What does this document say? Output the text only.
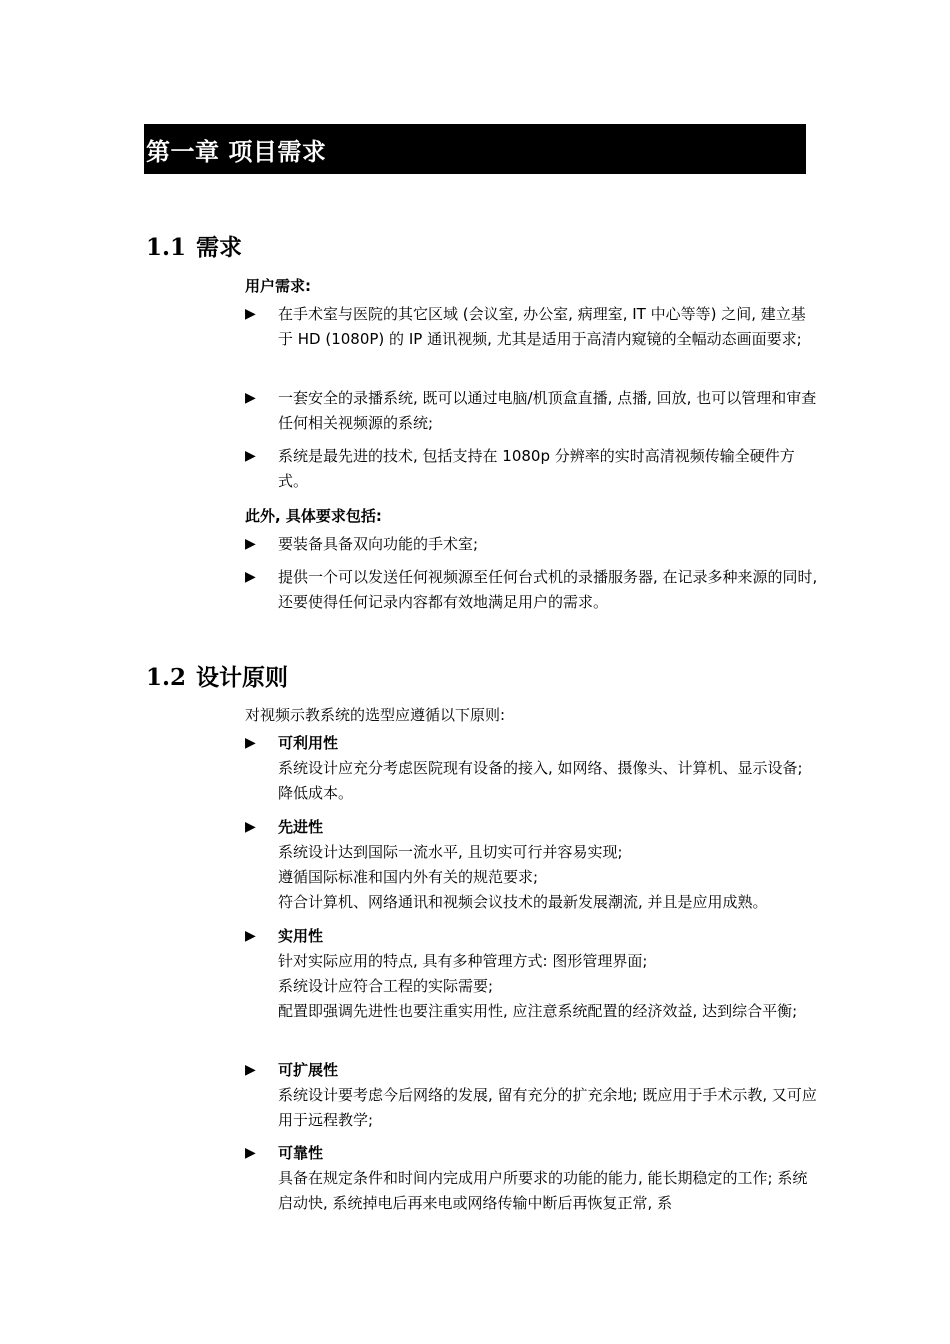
第一章 项目需求
1.1 需求
用户需求:
▶	在手术室与医院的其它区域 (会议室, 办公室, 病理室, IT 中心等等) 之间, 建立基于 HD (1080P) 的 IP 通讯视频, 尤其是适用于高清内窥镜的全幅动态画面要求;
▶	一套安全的录播系统, 既可以通过电脑/机顶盒直播, 点播, 回放, 也可以管理和审查任何相关视频源的系统;
▶	系统是最先进的技术, 包括支持在 1080p 分辨率的实时高清视频传输全硬件方式。
此外, 具体要求包括:
▶	要装备具备双向功能的手术室;
▶	提供一个可以发送任何视频源至任何台式机的录播服务器, 在记录多种来源的同时, 还要使得任何记录内容都有效地满足用户的需求。
1.2 设计原则
对视频示教系统的选型应遵循以下原则:
▶	可利用性
系统设计应充分考虑医院现有设备的接入, 如网络、摄像头、计算机、显示设备; 降低成本。
▶	先进性
系统设计达到国际一流水平, 且切实可行并容易实现;
遵循国际标准和国内外有关的规范要求;
符合计算机、网络通讯和视频会议技术的最新发展潮流, 并且是应用成熟。
▶	实用性
针对实际应用的特点, 具有多种管理方式: 图形管理界面;
系统设计应符合工程的实际需要;
配置即强调先进性也要注重实用性, 应注意系统配置的经济效益, 达到综合平衡;
▶	可扩展性
系统设计要考虑今后网络的发展, 留有充分的扩充余地; 既应用于手术示教, 又可应用于远程教学;
▶	可靠性
具备在规定条件和时间内完成用户所要求的功能的能力, 能长期稳定的工作; 系统启动快, 系统掉电后再来电或网络传输中断后再恢复正常, 系
